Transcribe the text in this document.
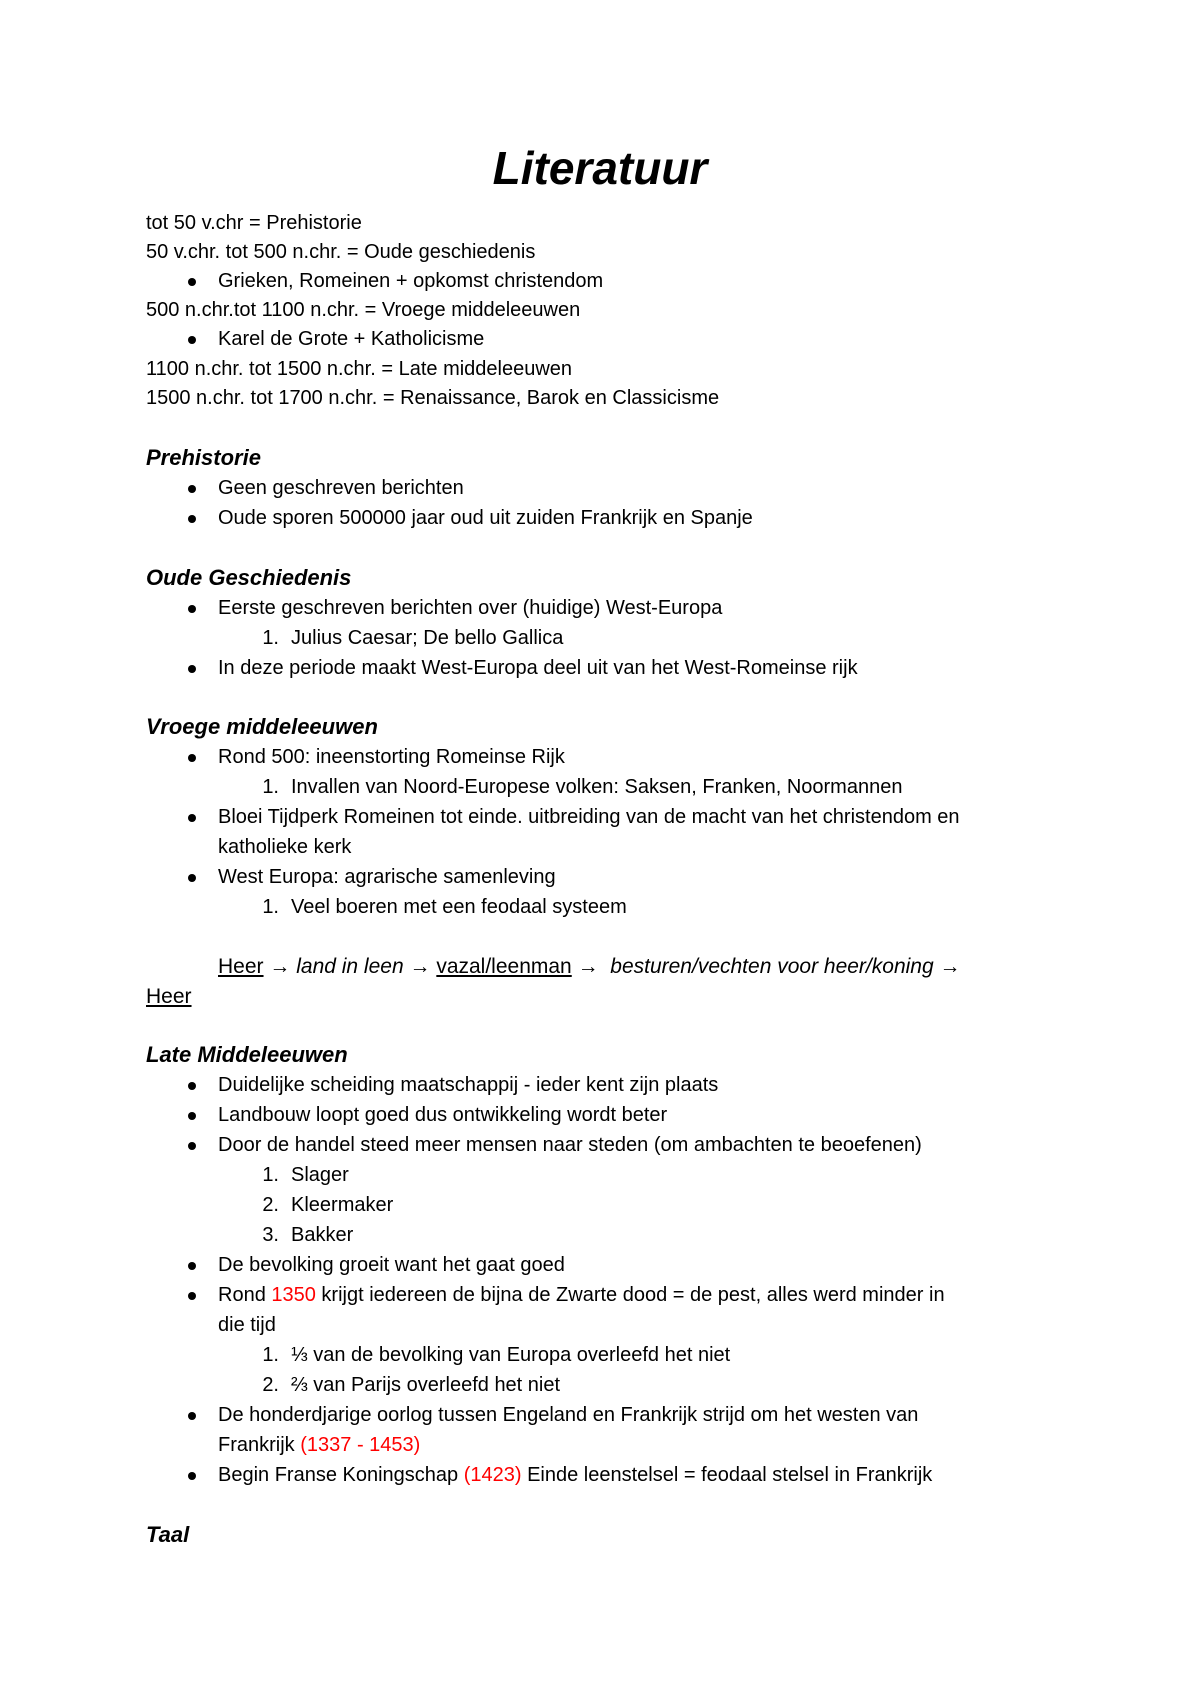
Literatuur
tot 50 v.chr = Prehistorie
50 v.chr. tot 500 n.chr. = Oude geschiedenis
Grieken, Romeinen + opkomst christendom
500 n.chr.tot 1100 n.chr. = Vroege middeleeuwen
Karel de Grote + Katholicisme
1100 n.chr. tot 1500 n.chr. = Late middeleeuwen
1500 n.chr. tot 1700 n.chr. = Renaissance, Barok en Classicisme
Prehistorie
Geen geschreven berichten
Oude sporen 500000 jaar oud uit zuiden Frankrijk en Spanje
Oude Geschiedenis
Eerste geschreven berichten over (huidige) West-Europa
1. Julius Caesar; De bello Gallica
In deze periode maakt West-Europa deel uit van het West-Romeinse rijk
Vroege middeleeuwen
Rond 500: ineenstorting Romeinse Rijk
1. Invallen van Noord-Europese volken: Saksen, Franken, Noormannen
Bloei Tijdperk Romeinen tot einde. uitbreiding van de macht van het christendom en
katholieke kerk
West Europa: agrarische samenleving
1. Veel boeren met een feodaal systeem
Heer → land in leen → vazal/leenman → besturen/vechten voor heer/koning →
Heer
Late Middeleeuwen
Duidelijke scheiding maatschappij - ieder kent zijn plaats
Landbouw loopt goed dus ontwikkeling wordt beter
Door de handel steed meer mensen naar steden (om ambachten te beoefenen)
1. Slager
2. Kleermaker
3. Bakker
De bevolking groeit want het gaat goed
Rond 1350 krijgt iedereen de bijna de Zwarte dood = de pest, alles werd minder in
die tijd
1. ⅓ van de bevolking van Europa overleefd het niet
2. ⅔ van Parijs overleefd het niet
De honderdjarige oorlog tussen Engeland en Frankrijk strijd om het westen van
Frankrijk (1337 - 1453)
Begin Franse Koningschap (1423) Einde leenstelsel = feodaal stelsel in Frankrijk
Taal
